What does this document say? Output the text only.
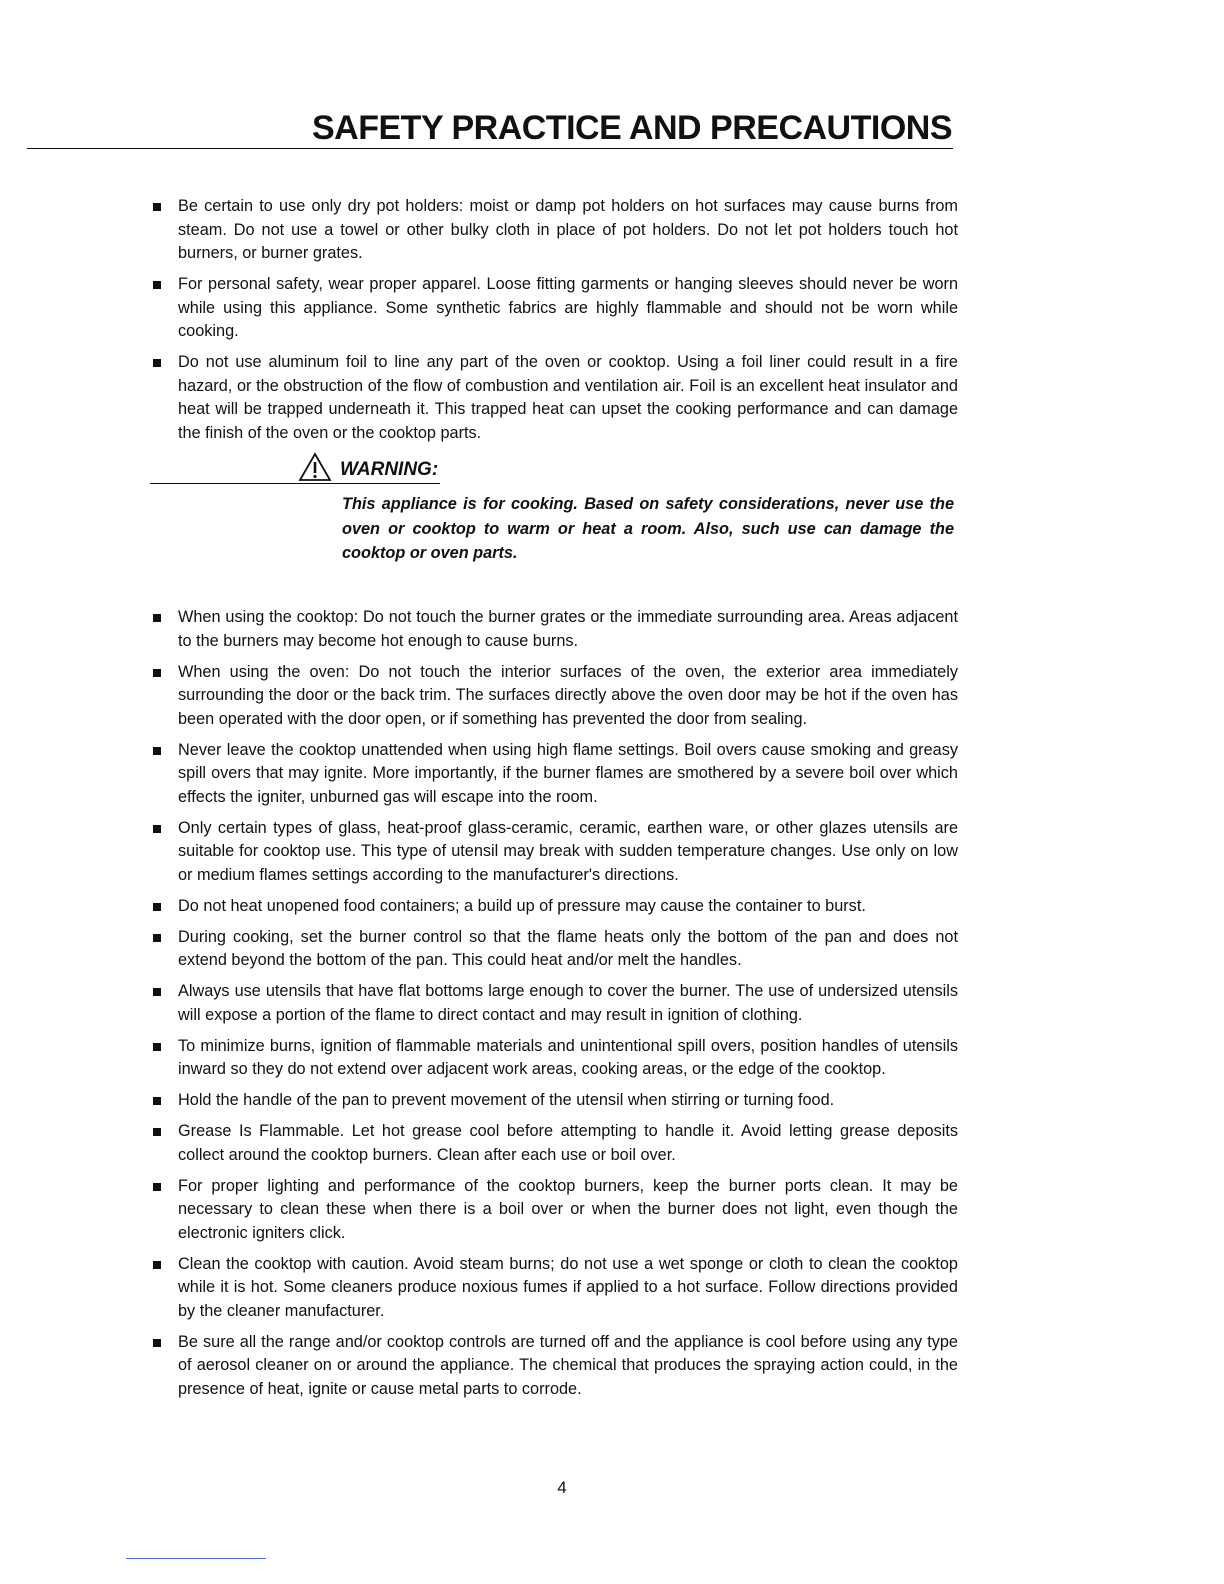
SAFETY PRACTICE AND PRECAUTIONS
Be certain to use only dry pot holders: moist or damp pot holders on hot surfaces may cause burns from steam. Do not use a towel or other bulky cloth in place of pot holders. Do not let pot holders touch hot burners, or burner grates.
For personal safety, wear proper apparel. Loose fitting garments or hanging sleeves should never be worn while using this appliance. Some synthetic fabrics are highly flammable and should not be worn while cooking.
Do not use aluminum foil to line any part of the oven or cooktop. Using a foil liner could result in a fire hazard, or the obstruction of the flow of combustion and ventilation air. Foil is an excellent heat insulator and heat will be trapped underneath it. This trapped heat can upset the cooking performance and can damage the finish of the oven or the cooktop parts.
WARNING:

This appliance is for cooking. Based on safety considerations, never use the oven or cooktop to warm or heat a room. Also, such use can damage the cooktop or oven parts.

When using the cooktop: Do not touch the burner grates or the immediate surrounding area. Areas adjacent to the burners may become hot enough to cause burns.
When using the oven: Do not touch the interior surfaces of the oven, the exterior area immediately surrounding the door or the back trim. The surfaces directly above the oven door may be hot if the oven has been operated with the door open, or if something has prevented the door from sealing.
Never leave the cooktop unattended when using high flame settings. Boil overs cause smoking and greasy spill overs that may ignite. More importantly, if the burner flames are smothered by a severe boil over which effects the igniter, unburned gas will escape into the room.
Only certain types of glass, heat-proof glass-ceramic, ceramic, earthen ware, or other glazes utensils are suitable for cooktop use. This type of utensil may break with sudden temperature changes. Use only on low or medium flames settings according to the manufacturer's directions.
Do not heat unopened food containers; a build up of pressure may cause the container to burst.
During cooking, set the burner control so that the flame heats only the bottom of the pan and does not extend beyond the bottom of the pan. This could heat and/or melt the handles.
Always use utensils that have flat bottoms large enough to cover the burner. The use of undersized utensils will expose a portion of the flame to direct contact and may result in ignition of clothing.
To minimize burns, ignition of flammable materials and unintentional spill overs, position handles of utensils inward so they do not extend over adjacent work areas, cooking areas, or the edge of the cooktop.
Hold the handle of the pan to prevent movement of the utensil when stirring or turning food.
Grease Is Flammable. Let hot grease cool before attempting to handle it. Avoid letting grease deposits collect around the cooktop burners. Clean after each use or boil over.
For proper lighting and performance of the cooktop burners, keep the burner ports clean. It may be necessary to clean these when there is a boil over or when the burner does not light, even though the electronic igniters click.
Clean the cooktop with caution. Avoid steam burns; do not use a wet sponge or cloth to clean the cooktop while it is hot. Some cleaners produce noxious fumes if applied to a hot surface. Follow directions provided by the cleaner manufacturer.
Be sure all the range and/or cooktop controls are turned off and the appliance is cool before using any type of aerosol cleaner on or around the appliance. The chemical that produces the spraying action could, in the presence of heat, ignite or cause metal parts to corrode.
4
